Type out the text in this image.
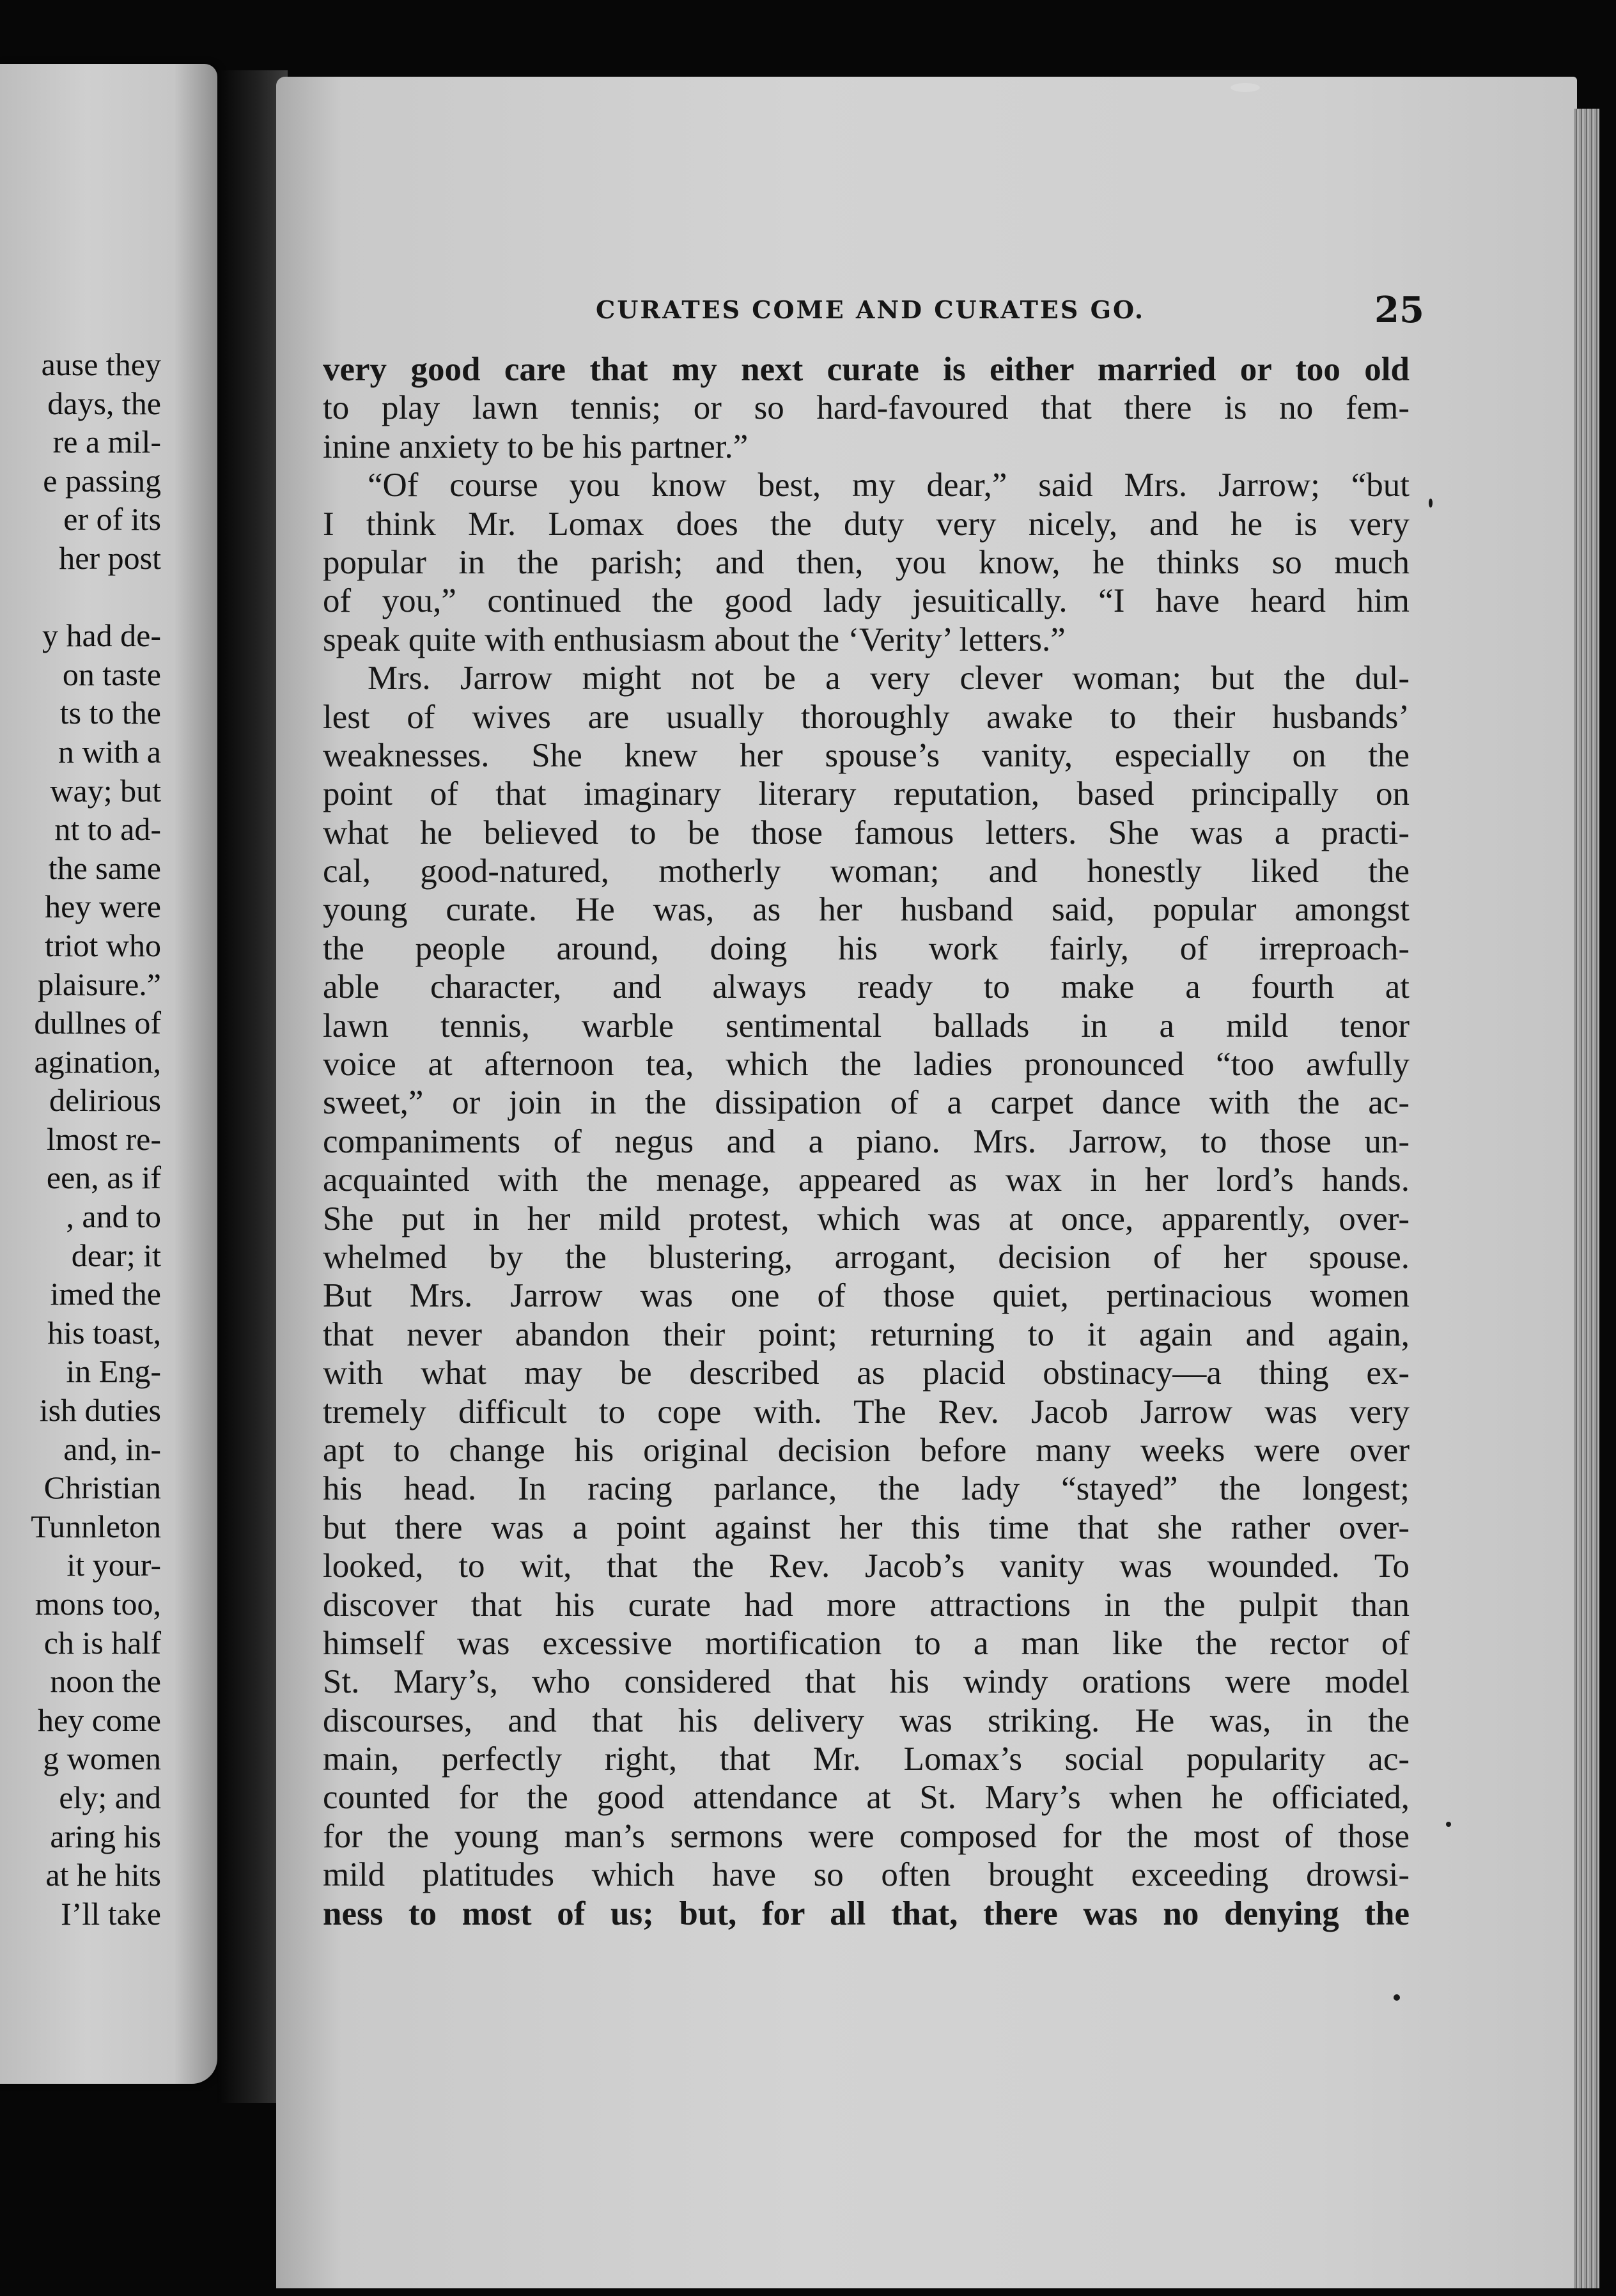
ause they
days, the
re a mil-
e passing
er of its
her post
y had de-
on taste
ts to the
n with a
way; but
nt to ad-
the same
hey were
triot who
plaisure.”
dullnes of
agination,
delirious
lmost re-
een, as if
, and to
dear; it
imed the
his toast,
in Eng-
ish duties
and, in-
Christian
Tunnleton
it your-
mons too,
ch is half
noon the
hey come
g women
ely; and
aring his
at he hits
I’ll take
CURATES COME AND CURATES GO.	25
very good care that my next curate is either married or too old
to play lawn tennis; or so hard-favoured that there is no fem-
inine anxiety to be his partner.”
“Of course you know best, my dear,” said Mrs. Jarrow; “but
I think Mr. Lomax does the duty very nicely, and he is very
popular in the parish; and then, you know, he thinks so much
of you,” continued the good lady jesuitically. “I have heard him
speak quite with enthusiasm about the ‘Verity’ letters.”
Mrs. Jarrow might not be a very clever woman; but the dul-
lest of wives are usually thoroughly awake to their husbands’
weaknesses. She knew her spouse’s vanity, especially on the
point of that imaginary literary reputation, based principally on
what he believed to be those famous letters. She was a practi-
cal, good-natured, motherly woman; and honestly liked the
young curate. He was, as her husband said, popular amongst
the people around, doing his work fairly, of irreproach-
able character, and always ready to make a fourth at
lawn tennis, warble sentimental ballads in a mild tenor
voice at afternoon tea, which the ladies pronounced “too awfully
sweet,” or join in the dissipation of a carpet dance with the ac-
companiments of negus and a piano. Mrs. Jarrow, to those un-
acquainted with the menage, appeared as wax in her lord’s hands.
She put in her mild protest, which was at once, apparently, over-
whelmed by the blustering, arrogant, decision of her spouse.
But Mrs. Jarrow was one of those quiet, pertinacious women
that never abandon their point; returning to it again and again,
with what may be described as placid obstinacy—a thing ex-
tremely difficult to cope with. The Rev. Jacob Jarrow was very
apt to change his original decision before many weeks were over
his head. In racing parlance, the lady “stayed” the longest;
but there was a point against her this time that she rather over-
looked, to wit, that the Rev. Jacob’s vanity was wounded. To
discover that his curate had more attractions in the pulpit than
himself was excessive mortification to a man like the rector of
St. Mary’s, who considered that his windy orations were model
discourses, and that his delivery was striking. He was, in the
main, perfectly right, that Mr. Lomax’s social popularity ac-
counted for the good attendance at St. Mary’s when he officiated,
for the young man’s sermons were composed for the most of those
mild platitudes which have so often brought exceeding drowsi-
ness to most of us; but, for all that, there was no denying the
